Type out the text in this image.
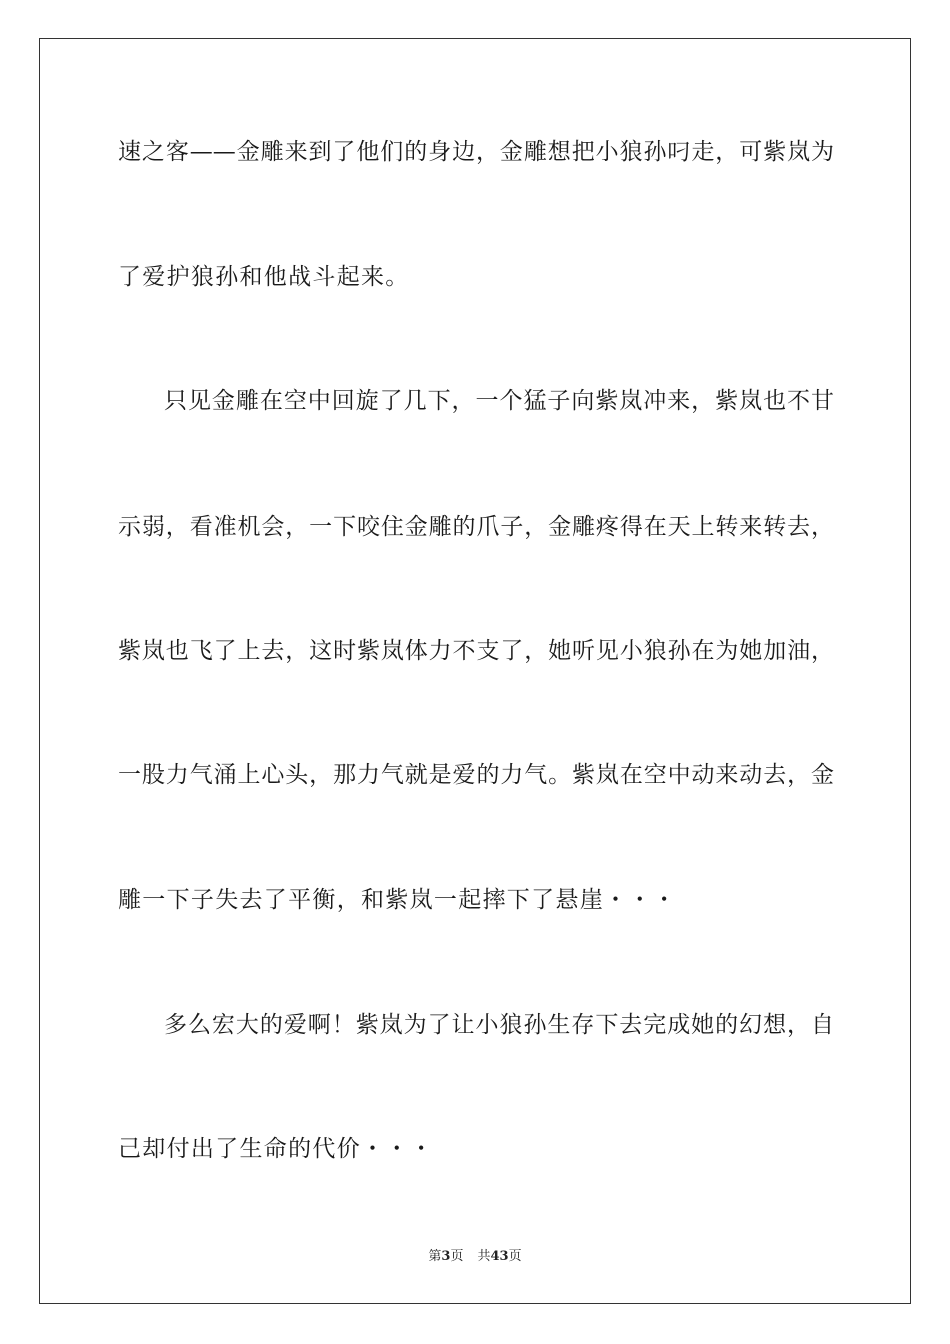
速之客——金雕来到了他们的身边，金雕想把小狼孙叼走，可紫岚为
了爱护狼孙和他战斗起来。
只见金雕在空中回旋了几下，一个猛子向紫岚冲来，紫岚也不甘
示弱，看准机会，一下咬住金雕的爪子，金雕疼得在天上转来转去，
紫岚也飞了上去，这时紫岚体力不支了，她听见小狼孙在为她加油，
一股力气涌上心头，那力气就是爱的力气。紫岚在空中动来动去，金
雕一下子失去了平衡，和紫岚一起摔下了悬崖・・・
多么宏大的爱啊！紫岚为了让小狼孙生存下去完成她的幻想，自
己却付出了生命的代价・・・
第3页 共43页
